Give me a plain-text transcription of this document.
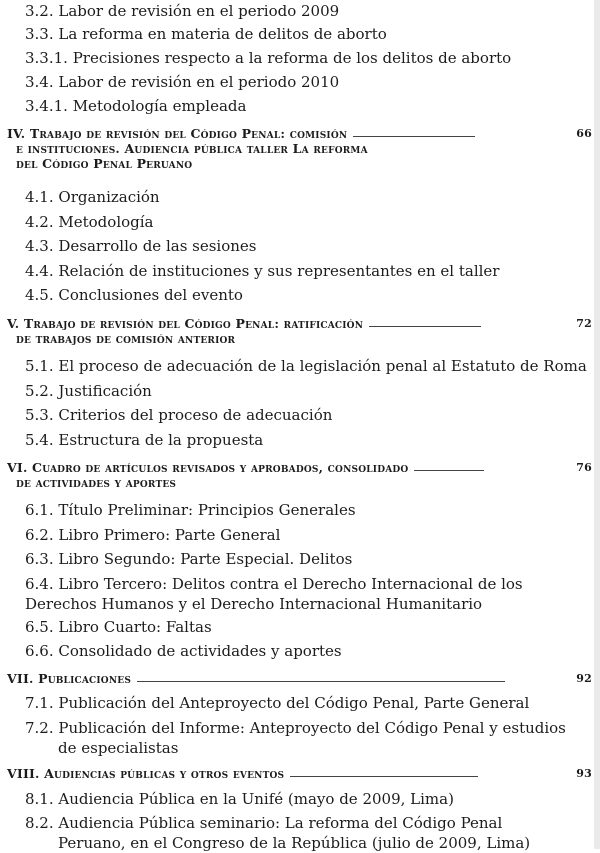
3.2. Labor de revisión en el periodo 2009
3.3. La reforma en materia de delitos de aborto
3.3.1. Precisiones respecto a la reforma de los delitos de aborto
3.4. Labor de revisión en el periodo 2010
3.4.1. Metodología empleada
IV. Trabajo de revisión del Código Penal: comisión	66
e instituciones. Audiencia pública taller La reforma
del Código Penal Peruano
4.1. Organización
4.2. Metodología
4.3. Desarrollo de las sesiones
4.4. Relación de instituciones y sus representantes en el taller
4.5. Conclusiones del evento
V. Trabajo de revisión del Código Penal: ratificación	72
de trabajos de comisión anterior
5.1. El proceso de adecuación de la legislación penal al Estatuto de Roma
5.2. Justificación
5.3. Criterios del proceso de adecuación
5.4. Estructura de la propuesta
VI. Cuadro de artículos revisados y aprobados, consolidado	76
de actividades y aportes
6.1. Título Preliminar: Principios Generales
6.2. Libro Primero: Parte General
6.3. Libro Segundo: Parte Especial. Delitos
6.4. Libro Tercero: Delitos contra el Derecho Internacional de los
Derechos Humanos y el Derecho Internacional Humanitario
6.5. Libro Cuarto: Faltas
6.6. Consolidado de actividades y aportes
VII. Publicaciones	92
7.1. Publicación del Anteproyecto del Código Penal, Parte General
7.2. Publicación del Informe: Anteproyecto del Código Penal y estudios
de especialistas
VIII. Audiencias públicas y otros eventos	93
8.1. Audiencia Pública en la Unifé (mayo de 2009, Lima)
8.2. Audiencia Pública seminario: La reforma del Código Penal
Peruano, en el Congreso de la República (julio de 2009, Lima)
